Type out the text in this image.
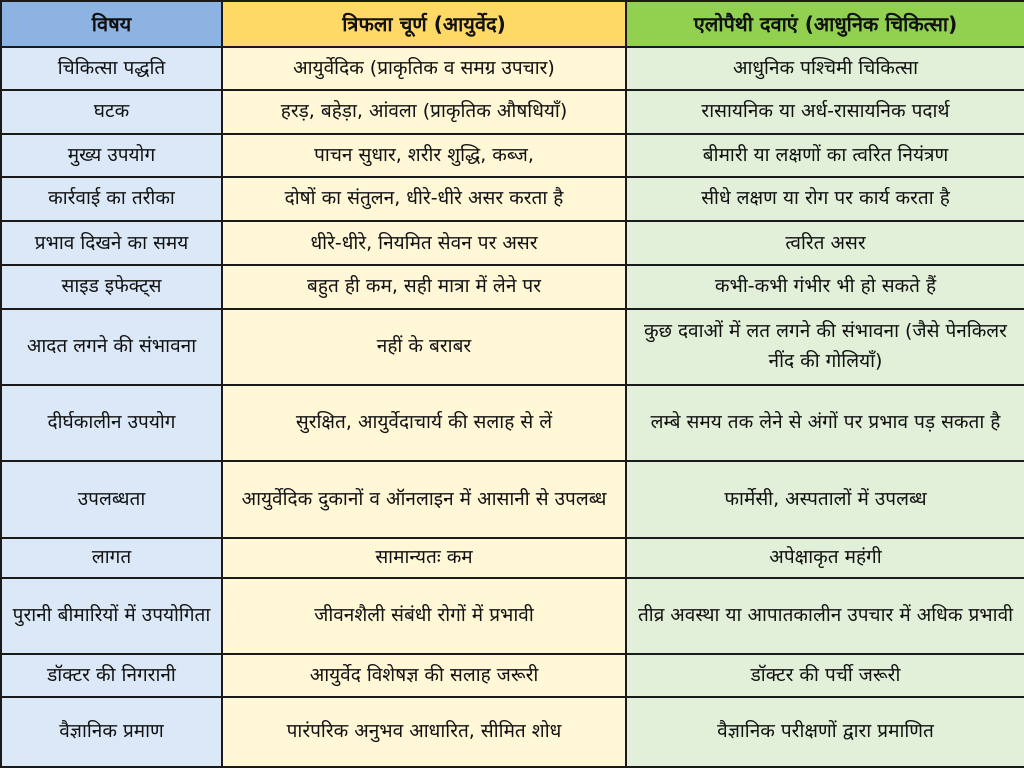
विषय	त्रिफला चूर्ण (आयुर्वेद)	एलोपैथी दवाएं (आधुनिक चिकित्सा)
चिकित्सा पद्धति	आयुर्वेदिक (प्राकृतिक व समग्र उपचार)	आधुनिक पश्चिमी चिकित्सा
घटक	हरड़, बहेड़ा, आंवला (प्राकृतिक औषधियाँ)	रासायनिक या अर्ध-रासायनिक पदार्थ
मुख्य उपयोग	पाचन सुधार, शरीर शुद्धि, कब्ज,	बीमारी या लक्षणों का त्वरित नियंत्रण
कार्रवाई का तरीका	दोषों का संतुलन, धीरे-धीरे असर करता है	सीधे लक्षण या रोग पर कार्य करता है
प्रभाव दिखने का समय	धीरे-धीरे, नियमित सेवन पर असर	त्वरित असर
साइड इफेक्ट्स	बहुत ही कम, सही मात्रा में लेने पर	कभी-कभी गंभीर भी हो सकते हैं
आदत लगने की संभावना	नहीं के बराबर	कुछ दवाओं में लत लगने की संभावना (जैसे पेनकिलर नींद की गोलियाँ)
दीर्घकालीन उपयोग	सुरक्षित, आयुर्वेदाचार्य की सलाह से लें	लम्बे समय तक लेने से अंगों पर प्रभाव पड़ सकता है
उपलब्धता	आयुर्वेदिक दुकानों व ऑनलाइन में आसानी से उपलब्ध	फार्मेसी, अस्पतालों में उपलब्ध
लागत	सामान्यतः कम	अपेक्षाकृत महंगी
पुरानी बीमारियों में उपयोगिता	जीवनशैली संबंधी रोगों में प्रभावी	तीव्र अवस्था या आपातकालीन उपचार में अधिक प्रभावी
डॉक्टर की निगरानी	आयुर्वेद विशेषज्ञ की सलाह जरूरी	डॉक्टर की पर्ची जरूरी
वैज्ञानिक प्रमाण	पारंपरिक अनुभव आधारित, सीमित शोध	वैज्ञानिक परीक्षणों द्वारा प्रमाणित
